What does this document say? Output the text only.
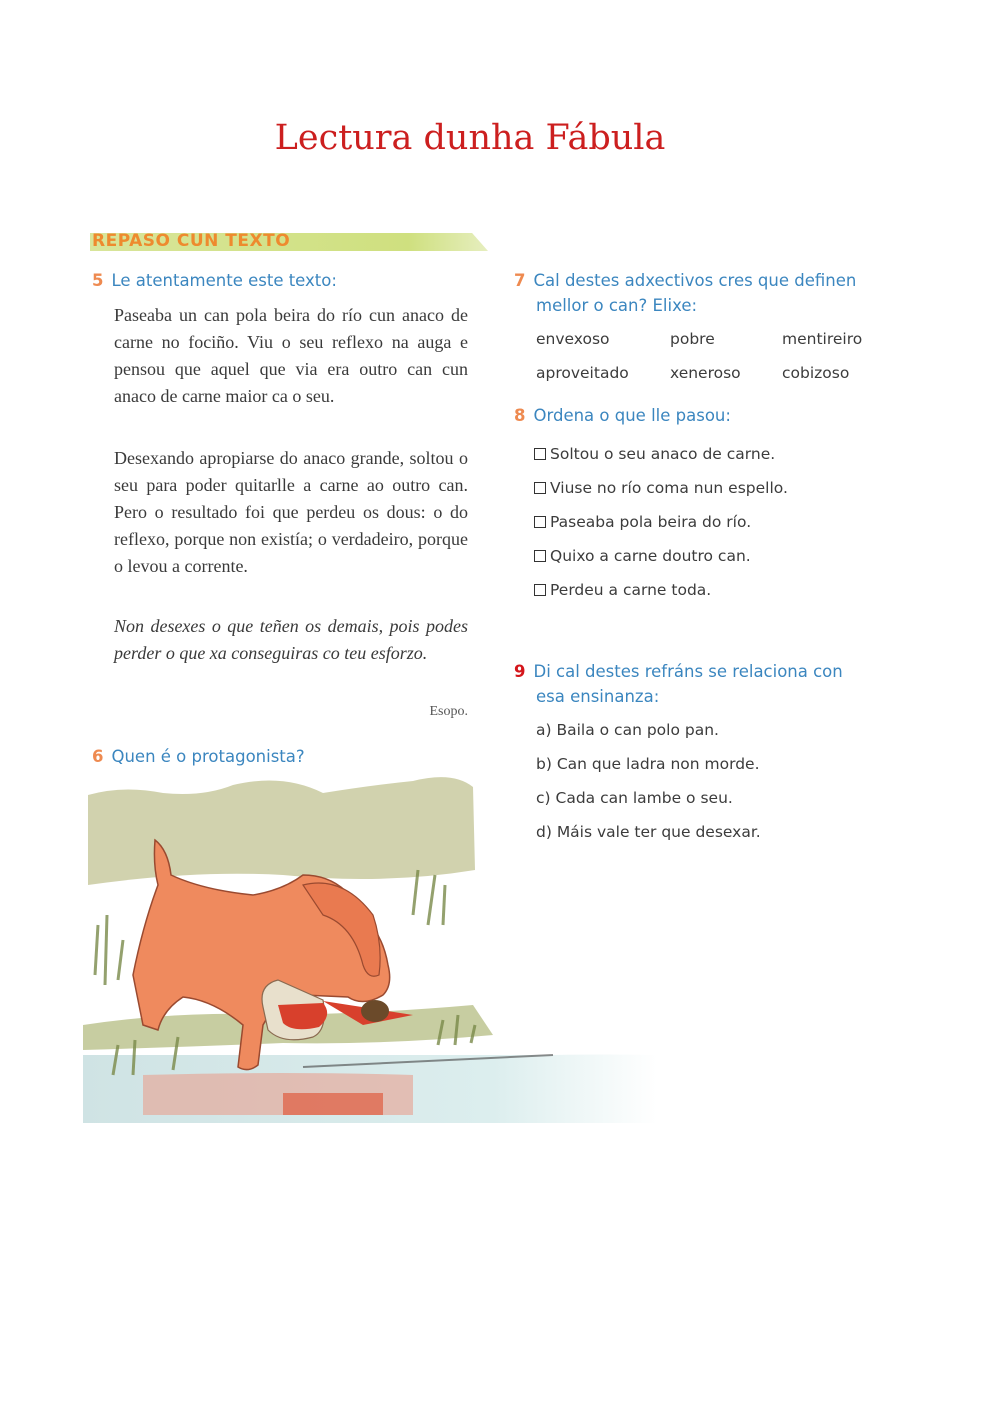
Lectura dunha Fábula
REPASO CUN TEXTO
5 Le atentamente este texto:
Paseaba un can pola beira do río cun anaco de carne no fociño. Viu o seu reflexo na auga e pensou que aquel que via era outro can cun anaco de carne maior ca o seu.
Desexando apropiarse do anaco grande, soltou o seu para poder quitarlle a carne ao outro can. Pero o resultado foi que perdeu os dous: o do reflexo, porque non existía; o verdadeiro, porque o levou a corrente.
Non desexes o que teñen os demais, pois podes perder o que xa conseguiras co teu esforzo.
Esopo.
6 Quen é o protagonista?
7 Cal destes adxectivos cres que definen
mellor o can? Elixe:
envexoso	pobre	mentireiro
aproveitado	xeneroso	cobizoso
8 Ordena o que lle pasou:
Soltou o seu anaco de carne.
Viuse no río coma nun espello.
Paseaba pola beira do río.
Quixo a carne doutro can.
Perdeu a carne toda.
9 Di cal destes refráns se relaciona con
esa ensinanza:
a) Baila o can polo pan.
b) Can que ladra non morde.
c) Cada can lambe o seu.
d) Máis vale ter que desexar.
